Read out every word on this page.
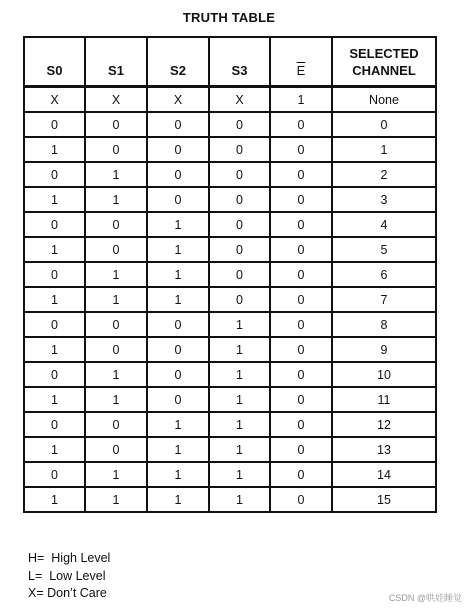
TRUTH TABLE
S0	S1	S2	S3	$\overline{E}$	SELECTED
CHANNEL
X	X	X	X	1	None
0	0	0	0	0	0
1	0	0	0	0	1
0	1	0	0	0	2
1	1	0	0	0	3
0	0	1	0	0	4
1	0	1	0	0	5
0	1	1	0	0	6
1	1	1	0	0	7
0	0	0	1	0	8
1	0	0	1	0	9
0	1	0	1	0	10
1	1	0	1	0	11
0	0	1	1	0	12
1	0	1	1	0	13
0	1	1	1	0	14
1	1	1	1	0	15
H=  High Level
L=  Low Level
X= Don’t Care	CSDN @哄娃睡觉
